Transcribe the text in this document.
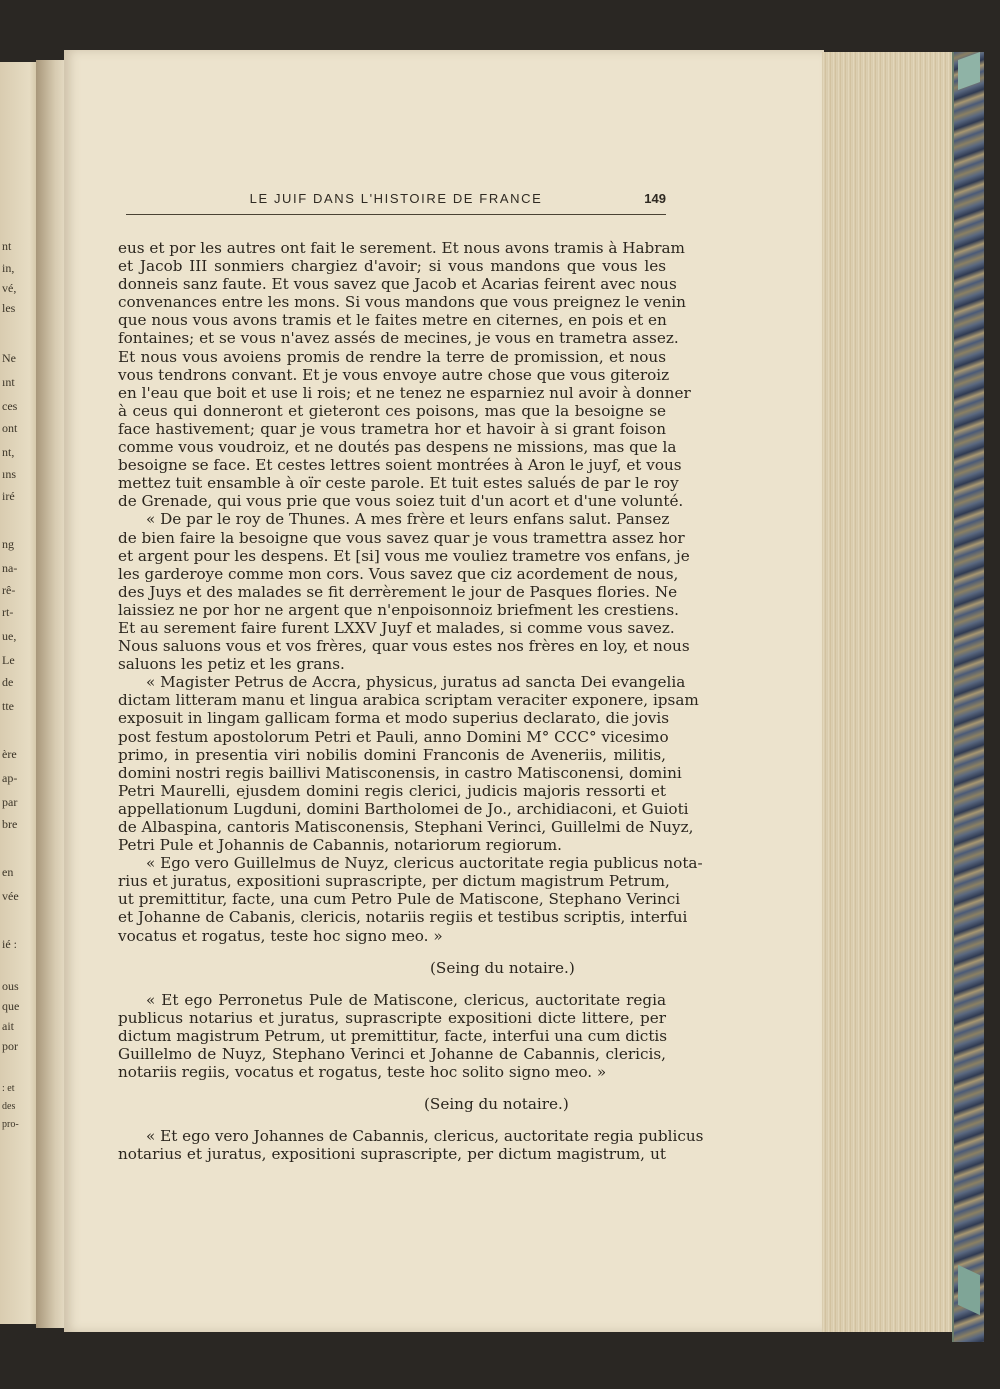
nt
in,
vé,
les
Ne
ınt
ces
ont
nt,
ıns
iré
ng
na-
rê-
rt-
ue,
Le
de
tte
ère
ap-
par
bre
en
vée
ié :
ous
que
ait
por
: et
des
pro-
LE JUIF DANS L'HISTOIRE DE FRANCE	149
eus et por les autres ont fait le serement. Et nous avons tramis à Habram
et Jacob III sonmiers chargiez d'avoir; si vous mandons que vous les
donneis sanz faute. Et vous savez que Jacob et Acarias feirent avec nous
convenances entre les mons. Si vous mandons que vous preignez le venin
que nous vous avons tramis et le faites metre en citernes, en pois et en
fontaines; et se vous n'avez assés de mecines, je vous en trametra assez.
Et nous vous avoiens promis de rendre la terre de promission, et nous
vous tendrons convant. Et je vous envoye autre chose que vous giteroiz
en l'eau que boit et use li rois; et ne tenez ne esparniez nul avoir à donner
à ceus qui donneront et gieteront ces poisons, mas que la besoigne se
face hastivement; quar je vous trametra hor et havoir à si grant foison
comme vous voudroiz, et ne doutés pas despens ne missions, mas que la
besoigne se face. Et cestes lettres soient montrées à Aron le juyf, et vous
mettez tuit ensamble à oïr ceste parole. Et tuit estes salués de par le roy
de Grenade, qui vous prie que vous soiez tuit d'un acort et d'une volunté.
« De par le roy de Thunes. A mes frère et leurs enfans salut. Pansez
de bien faire la besoigne que vous savez quar je vous tramettra assez hor
et argent pour les despens. Et [si] vous me vouliez trametre vos enfans, je
les garderoye comme mon cors. Vous savez que ciz acordement de nous,
des Juys et des malades se fit derrèrement le jour de Pasques flories. Ne
laissiez ne por hor ne argent que n'enpoisonnoiz briefment les crestiens.
Et au serement faire furent LXXV Juyf et malades, si comme vous savez.
Nous saluons vous et vos frères, quar vous estes nos frères en loy, et nous
saluons les petiz et les grans.
« Magister Petrus de Accra, physicus, juratus ad sancta Dei evangelia
dictam litteram manu et lingua arabica scriptam veraciter exponere, ipsam
exposuit in lingam gallicam forma et modo superius declarato, die jovis
post festum apostolorum Petri et Pauli, anno Domini M° CCC° vicesimo
primo, in presentia viri nobilis domini Franconis de Aveneriis, militis,
domini nostri regis baillivi Matisconensis, in castro Matisconensi, domini
Petri Maurelli, ejusdem domini regis clerici, judicis majoris ressorti et
appellationum Lugduni, domini Bartholomei de Jo., archidiaconi, et Guioti
de Albaspina, cantoris Matisconensis, Stephani Verinci, Guillelmi de Nuyz,
Petri Pule et Johannis de Cabannis, notariorum regiorum.
« Ego vero Guillelmus de Nuyz, clericus auctoritate regia publicus nota-
rius et juratus, expositioni suprascripte, per dictum magistrum Petrum,
ut premittitur, facte, una cum Petro Pule de Matiscone, Stephano Verinci
et Johanne de Cabanis, clericis, notariis regiis et testibus scriptis, interfui
vocatus et rogatus, teste hoc signo meo. »
(Seing du notaire.)
« Et ego Perronetus Pule de Matiscone, clericus, auctoritate regia
publicus notarius et juratus, suprascripte expositioni dicte littere, per
dictum magistrum Petrum, ut premittitur, facte, interfui una cum dictis
Guillelmo de Nuyz, Stephano Verinci et Johanne de Cabannis, clericis,
notariis regiis, vocatus et rogatus, teste hoc solito signo meo. »
(Seing du notaire.)
« Et ego vero Johannes de Cabannis, clericus, auctoritate regia publicus
notarius et juratus, expositioni suprascripte, per dictum magistrum, ut
